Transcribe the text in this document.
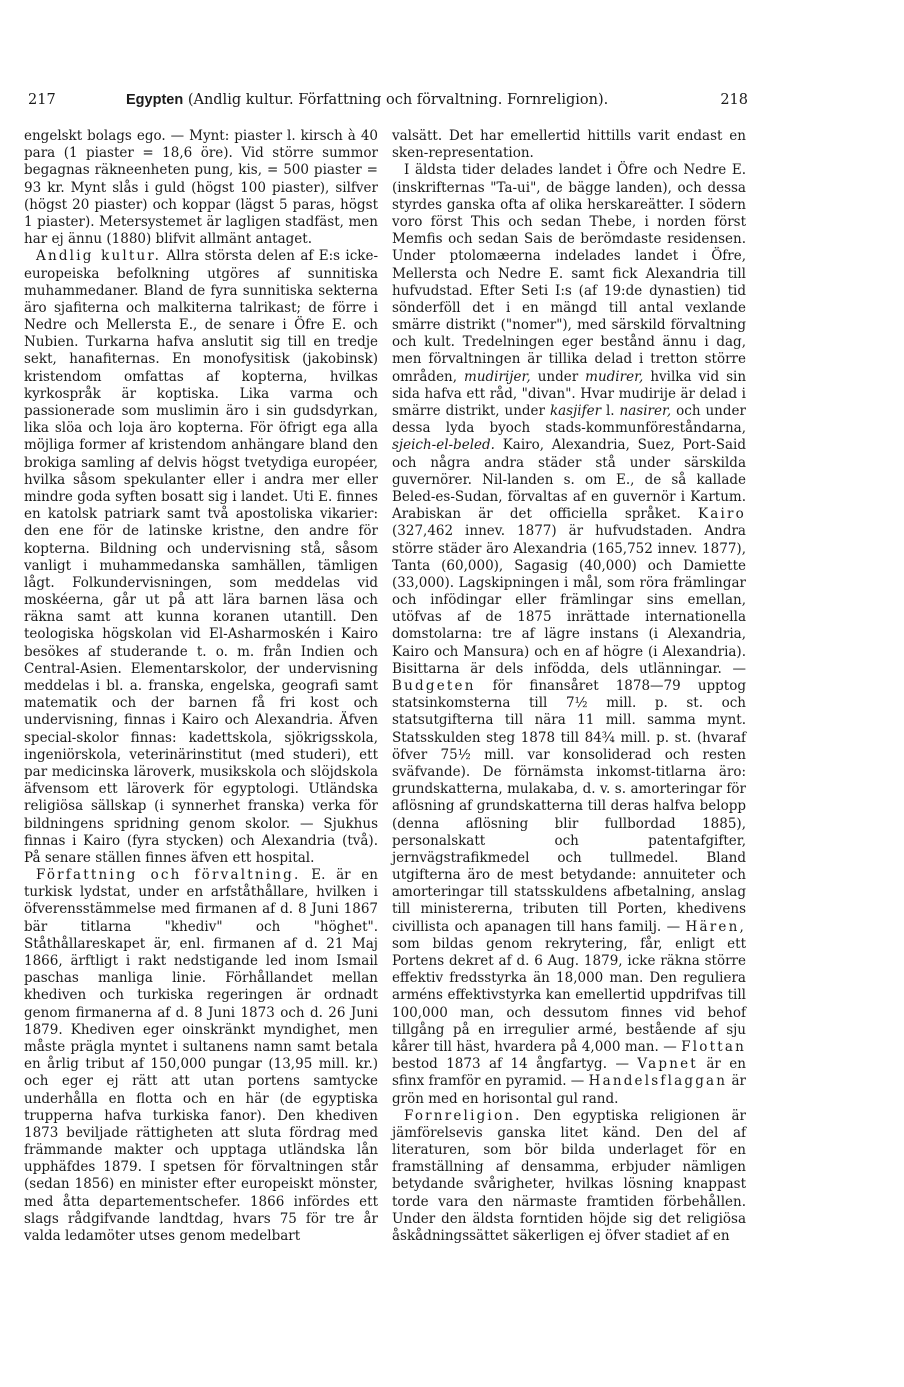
217	Egypten (Andlig kultur. Författning och förvaltning. Fornreligion).	218

engelskt bolags ego. — Mynt: piaster l. kirsch à 40 para (1 piaster = 18,6 öre). Vid större summor begagnas räkneenheten pung, kis, = 500 piaster = 93 kr. Mynt slås i guld (högst 100 piaster), silfver (högst 20 piaster) och koppar (lägst 5 paras, högst 1 piaster). Metersystemet är lagligen stadfäst, men har ej ännu (1880) blifvit allmänt antaget.

Andlig kultur. Allra största delen af E:s icke-europeiska befolkning utgöres af sunnitiska muhammedaner. Bland de fyra sunnitiska sekterna äro sjafiterna och malkiterna talrikast; de förre i Nedre och Mellersta E., de senare i Öfre E. och Nubien. Turkarna hafva anslutit sig till en tredje sekt, hanafiternas. En monofysitisk (jakobinsk) kristendom omfattas af kopterna, hvilkas kyrkospråk är koptiska. Lika varma och passionerade som muslimin äro i sin gudsdyrkan, lika slöa och loja äro kopterna. För öfrigt ega alla möjliga former af kristendom anhängare bland den brokiga samling af delvis högst tvetydiga européer, hvilka såsom spekulanter eller i andra mer eller mindre goda syften bosatt sig i landet. Uti E. finnes en katolsk patriark samt två apostoliska vikarier: den ene för de latinske kristne, den andre för kopterna. Bildning och undervisning stå, såsom vanligt i muhammedanska samhällen, tämligen lågt. Folkundervisningen, som meddelas vid moskéerna, går ut på att lära barnen läsa och räkna samt att kunna koranen utantill. Den teologiska högskolan vid El-Asharmoskén i Kairo besökes af studerande t. o. m. från Indien och Central-Asien. Elementarskolor, der undervisning meddelas i bl. a. franska, engelska, geografi samt matematik och der barnen få fri kost och undervisning, finnas i Kairo och Alexandria. Äfven special-skolor finnas: kadettskola, sjökrigsskola, ingeniörskola, veterinärinstitut (med studeri), ett par medicinska läroverk, musikskola och slöjdskola äfvensom ett läroverk för egyptologi. Utländska religiösa sällskap (i synnerhet franska) verka för bildningens spridning genom skolor. — Sjukhus finnas i Kairo (fyra stycken) och Alexandria (två). På senare ställen finnes äfven ett hospital.

Författning och förvaltning. E. är en turkisk lydstat, under en arfståthållare, hvilken i öfverensstämmelse med firmanen af d. 8 Juni 1867 bär titlarna "khediv" och "höghet". Ståthållareskapet är, enl. firmanen af d. 21 Maj 1866, ärftligt i rakt nedstigande led inom Ismail paschas manliga linie. Förhållandet mellan khediven och turkiska regeringen är ordnadt genom firmanerna af d. 8 Juni 1873 och d. 26 Juni 1879. Khediven eger oinskränkt myndighet, men måste prägla myntet i sultanens namn samt betala en årlig tribut af 150,000 pungar (13,95 mill. kr.) och eger ej rätt att utan portens samtycke underhålla en flotta och en här (de egyptiska trupperna hafva turkiska fanor). Den khediven 1873 beviljade rättigheten att sluta fördrag med främmande makter och upptaga utländska lån upphäfdes 1879. I spetsen för förvaltningen står (sedan 1856) en minister efter europeiskt mönster, med åtta departementschefer. 1866 infördes ett slags rådgifvande landtdag, hvars 75 för tre år valda ledamöter utses genom medelbart

valsätt. Det har emellertid hittills varit endast en sken-representation.

I äldsta tider delades landet i Öfre och Nedre E. (inskrifternas "Ta-ui", de bägge landen), och dessa styrdes ganska ofta af olika herskareätter. I södern voro först This och sedan Thebe, i norden först Memfis och sedan Sais de berömdaste residensen. Under ptolomæerna indelades landet i Öfre, Mellersta och Nedre E. samt fick Alexandria till hufvudstad. Efter Seti I:s (af 19:de dynastien) tid sönderföll det i en mängd till antal vexlande smärre distrikt ("nomer"), med särskild förvaltning och kult. Tredelningen eger bestånd ännu i dag, men förvaltningen är tillika delad i tretton större områden, mudirijer, under mudirer, hvilka vid sin sida hafva ett råd, "divan". Hvar mudirije är delad i smärre distrikt, under kasjifer l. nasirer, och under dessa lyda byoch stads-kommunföreståndarna, sjeich-el-beled. Kairo, Alexandria, Suez, Port-Said och några andra städer stå under särskilda guvernörer. Nil-landen s. om E., de så kallade Beled-es-Sudan, förvaltas af en guvernör i Kartum. Arabiskan är det officiella språket. Kairo (327,462 innev. 1877) är hufvudstaden. Andra större städer äro Alexandria (165,752 innev. 1877), Tanta (60,000), Sagasig (40,000) och Damiette (33,000). Lagskipningen i mål, som röra främlingar och infödingar eller främlingar sins emellan, utöfvas af de 1875 inrättade internationella domstolarna: tre af lägre instans (i Alexandria, Kairo och Mansura) och en af högre (i Alexandria). Bisittarna är dels infödda, dels utlänningar. — Budgeten för finansåret 1878—79 upptog statsinkomsterna till 7½ mill. p. st. och statsutgifterna till nära 11 mill. samma mynt. Statsskulden steg 1878 till 84¾ mill. p. st. (hvaraf öfver 75½ mill. var konsoliderad och resten sväfvande). De förnämsta inkomst-titlarna äro: grundskatterna, mulakaba, d. v. s. amorteringar för aflösning af grundskatterna till deras halfva belopp (denna aflösning blir fullbordad 1885), personalskatt och patentafgifter, jernvägstrafikmedel och tullmedel. Bland utgifterna äro de mest betydande: annuiteter och amorteringar till statsskuldens afbetalning, anslag till ministererna, tributen till Porten, khedivens civillista och apanagen till hans familj. — Hären, som bildas genom rekrytering, får, enligt ett Portens dekret af d. 6 Aug. 1879, icke räkna större effektiv fredsstyrka än 18,000 man. Den reguliera arméns effektivstyrka kan emellertid uppdrifvas till 100,000 man, och dessutom finnes vid behof tillgång på en irregulier armé, bestående af sju kårer till häst, hvardera på 4,000 man. — Flottan bestod 1873 af 14 ångfartyg. — Vapnet är en sfinx framför en pyramid. — Handelsflaggan är grön med en horisontal gul rand.

Fornreligion. Den egyptiska religionen är jämförelsevis ganska litet känd. Den del af literaturen, som bör bilda underlaget för en framställning af densamma, erbjuder nämligen betydande svårigheter, hvilkas lösning knappast torde vara den närmaste framtiden förbehållen. Under den äldsta forntiden höjde sig det religiösa åskådningssättet säkerligen ej öfver stadiet af en
